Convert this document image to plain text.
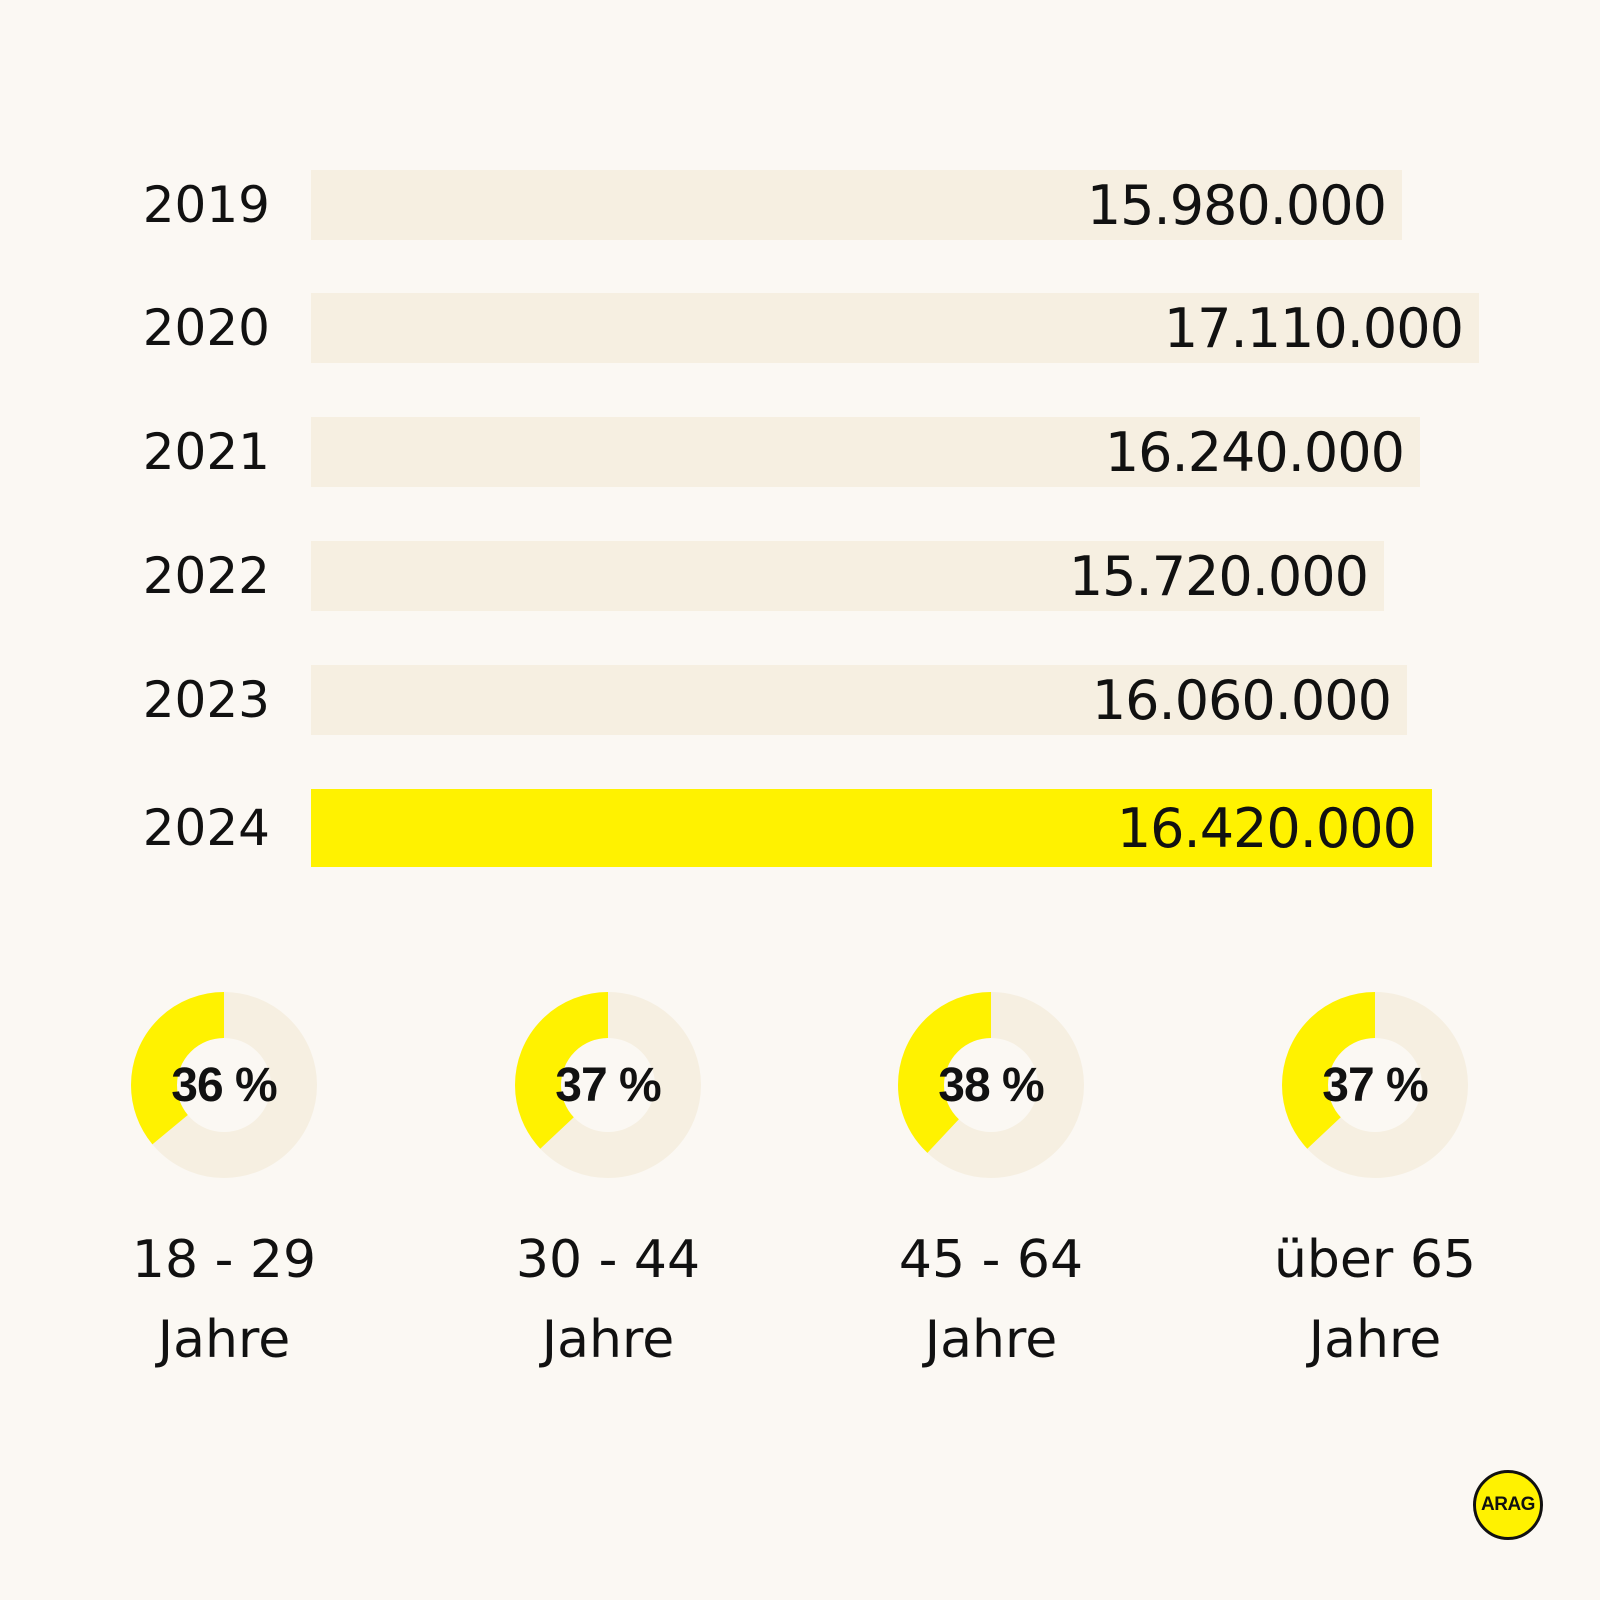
2019	15.980.000
2020	17.110.000
2021	16.240.000
2022	15.720.000
2023	16.060.000
2024	16.420.000
36 %
18 - 29
Jahre
37 %
30 - 44
Jahre
38 %
45 - 64
Jahre
37 %
über 65
Jahre
ARAG
